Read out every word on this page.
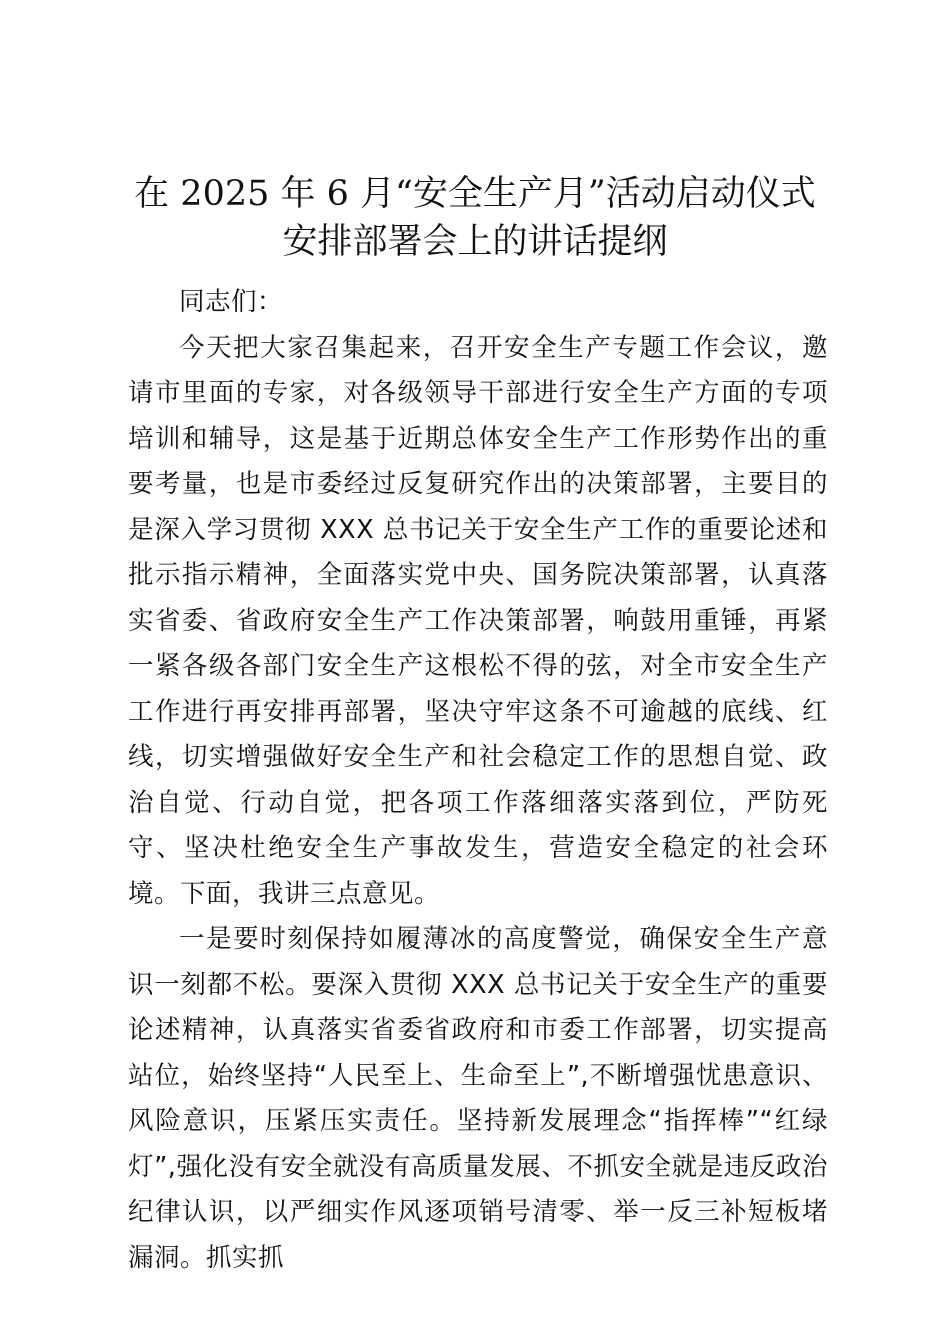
在 2025 年 6 月“安全生产月”活动启动仪式
安排部署会上的讲话提纲

同志们：

今天把大家召集起来，召开安全生产专题工作会议，邀请市里面的专家，对各级领导干部进行安全生产方面的专项培训和辅导，这是基于近期总体安全生产工作形势作出的重要考量，也是市委经过反复研究作出的决策部署，主要目的是深入学习贯彻 XXX 总书记关于安全生产工作的重要论述和批示指示精神，全面落实党中央、国务院决策部署，认真落实省委、省政府安全生产工作决策部署，响鼓用重锤，再紧一紧各级各部门安全生产这根松不得的弦，对全市安全生产工作进行再安排再部署，坚决守牢这条不可逾越的底线、红线，切实增强做好安全生产和社会稳定工作的思想自觉、政治自觉、行动自觉，把各项工作落细落实落到位，严防死守、坚决杜绝安全生产事故发生，营造安全稳定的社会环境。下面，我讲三点意见。

一是要时刻保持如履薄冰的高度警觉，确保安全生产意识一刻都不松。要深入贯彻 XXX 总书记关于安全生产的重要论述精神，认真落实省委省政府和市委工作部署，切实提高站位，始终坚持“人民至上、生命至上”,不断增强忧患意识、风险意识，压紧压实责任。坚持新发展理念“指挥棒”“红绿灯”,强化没有安全就没有高质量发展、不抓安全就是违反政治纪律认识，以严细实作风逐项销号清零、举一反三补短板堵漏洞。抓实抓
